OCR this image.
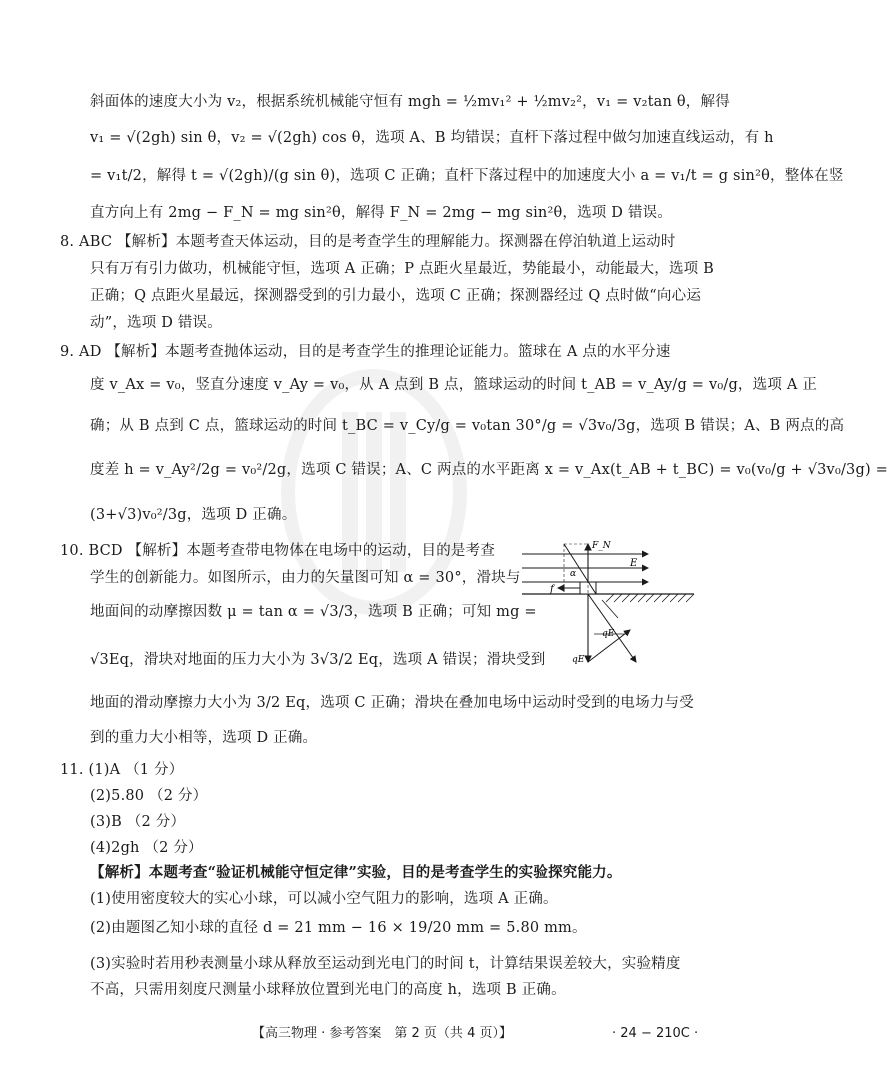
斜面体的速度大小为 v₂，根据系统机械能守恒有 mgh = ½mv₁² + ½mv₂²，v₁ = v₂tan θ，解得
v₁ = √(2gh) sin θ，v₂ = √(2gh) cos θ，选项 A、B 均错误；直杆下落过程中做匀加速直线运动，有 h
= v₁t/2，解得 t = √(2gh)/(g sin θ)，选项 C 正确；直杆下落过程中的加速度大小 a = v₁/t = g sin²θ，整体在竖
直方向上有 2mg − F_N = mg sin²θ，解得 F_N = 2mg − mg sin²θ，选项 D 错误。
8. ABC 【解析】本题考查天体运动，目的是考查学生的理解能力。探测器在停泊轨道上运动时
只有万有引力做功，机械能守恒，选项 A 正确；P 点距火星最近，势能最小，动能最大，选项 B
正确；Q 点距火星最远，探测器受到的引力最小，选项 C 正确；探测器经过 Q 点时做“向心运
动”，选项 D 错误。
9. AD 【解析】本题考查抛体运动，目的是考查学生的推理论证能力。篮球在 A 点的水平分速
度 v_Ax = v₀，竖直分速度 v_Ay = v₀，从 A 点到 B 点，篮球运动的时间 t_AB = v_Ay/g = v₀/g，选项 A 正
确；从 B 点到 C 点，篮球运动的时间 t_BC = v_Cy/g = v₀tan 30°/g = √3v₀/3g，选项 B 错误；A、B 两点的高
度差 h = v_Ay²/2g = v₀²/2g，选项 C 错误；A、C 两点的水平距离 x = v_Ax(t_AB + t_BC) = v₀(v₀/g + √3v₀/3g) =
(3+√3)v₀²/3g，选项 D 正确。
10. BCD 【解析】本题考查带电物体在电场中的运动，目的是考查
学生的创新能力。如图所示，由力的矢量图可知 α = 30°，滑块与
地面间的动摩擦因数 μ = tan α = √3/3，选项 B 正确；可知 mg =
√3Eq，滑块对地面的压力大小为 3√3/2 Eq，选项 A 错误；滑块受到
地面的滑动摩擦力大小为 3/2 Eq，选项 C 正确；滑块在叠加电场中运动时受到的电场力与受
到的重力大小相等，选项 D 正确。
F_N
E
f
α
qE
qE
11. (1)A （1 分）
(2)5.80 （2 分）
(3)B （2 分）
(4)2gh （2 分）
【解析】本题考查“验证机械能守恒定律”实验，目的是考查学生的实验探究能力。
(1)使用密度较大的实心小球，可以减小空气阻力的影响，选项 A 正确。
(2)由题图乙知小球的直径 d = 21 mm − 16 × 19/20 mm = 5.80 mm。
(3)实验时若用秒表测量小球从释放至运动到光电门的时间 t，计算结果误差较大，实验精度
不高，只需用刻度尺测量小球释放位置到光电门的高度 h，选项 B 正确。
【高三物理 · 参考答案　第 2 页（共 4 页）】	· 24 − 210C ·
